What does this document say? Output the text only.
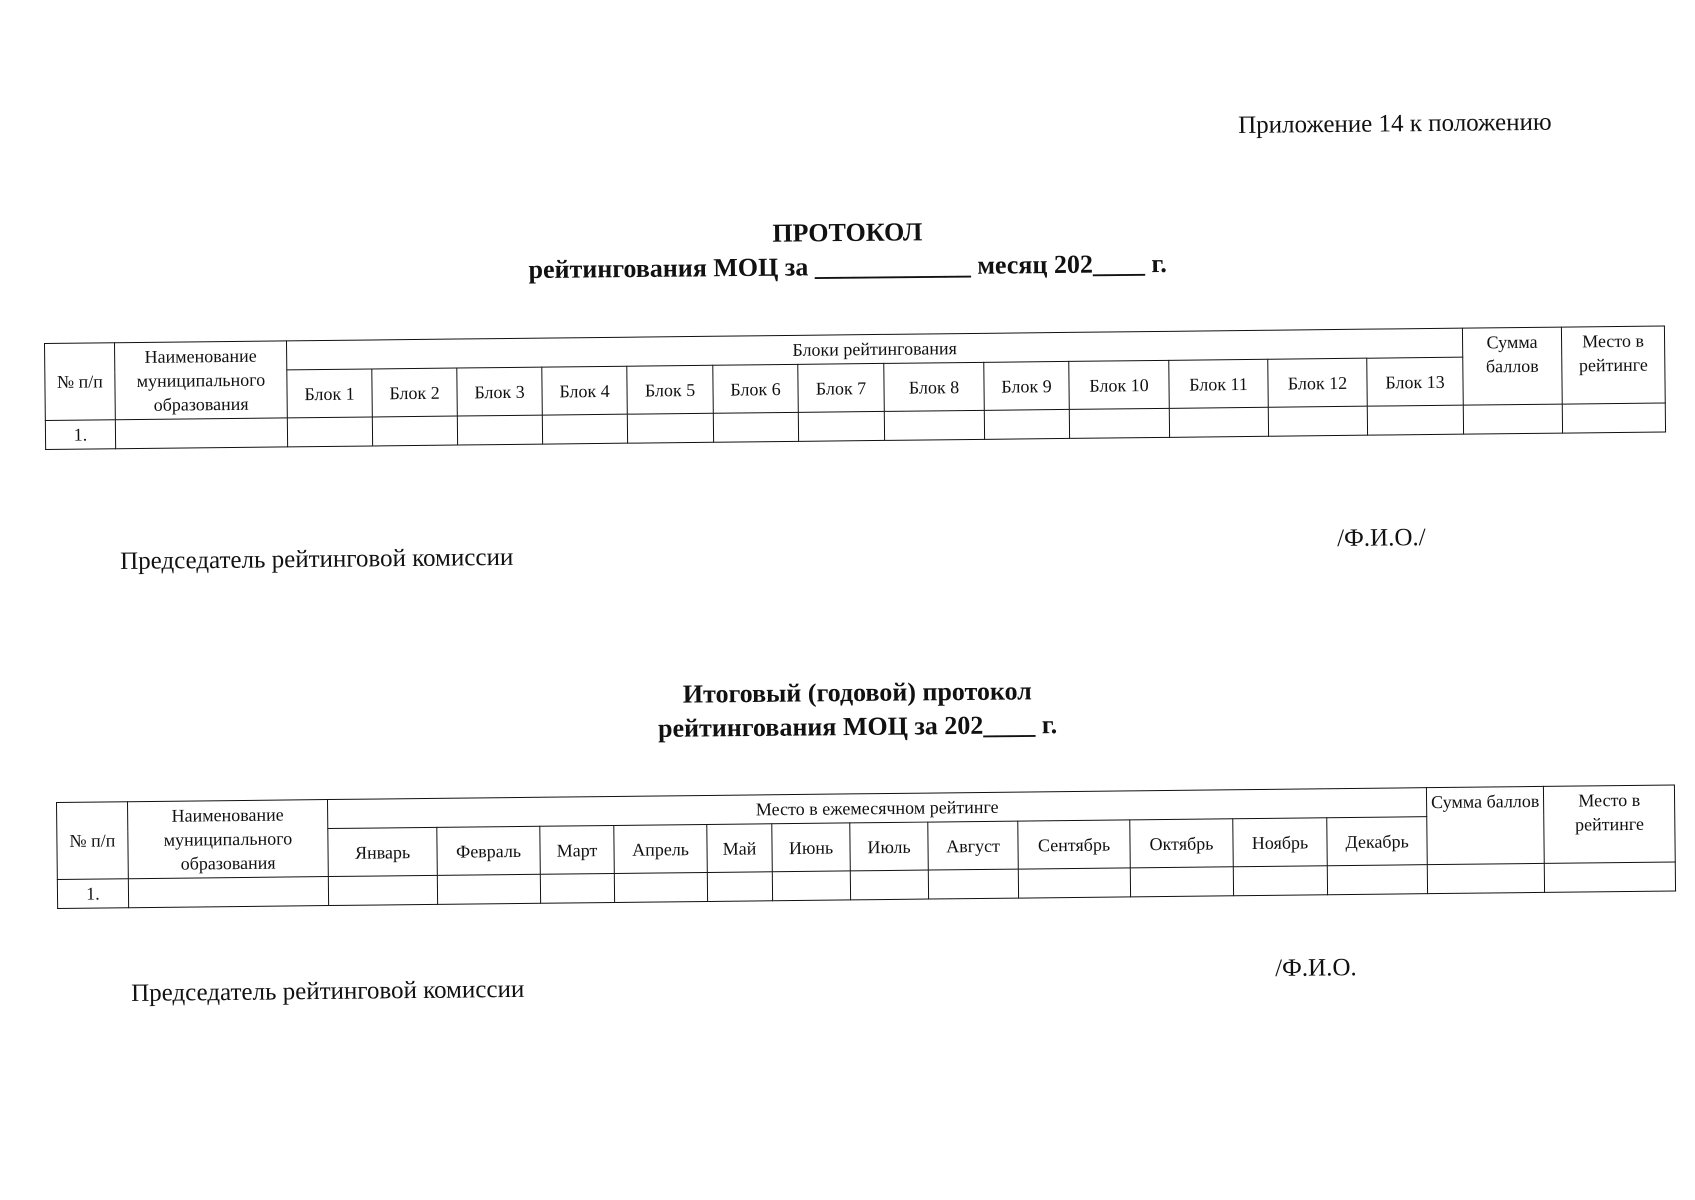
Приложение 14 к положению
ПРОТОКОЛ
рейтингования МОЦ за ____________ месяц 202____ г.
№ п/п	Наименование муниципального образования	Блоки рейтингования													Сумма баллов	Место в рейтинге
		Блок 1	Блок 2	Блок 3	Блок 4	Блок 5	Блок 6	Блок 7	Блок 8	Блок 9	Блок 10	Блок 11	Блок 12	Блок 13		
1.																
/Ф.И.О./
Председатель рейтинговой комиссии
Итоговый (годовой) протокол
рейтингования МОЦ за 202____ г.
№ п/п	Наименование муниципального образования	Место в ежемесячном рейтинге												Сумма баллов	Место в рейтинге
		Январь	Февраль	Март	Апрель	Май	Июнь	Июль	Август	Сентябрь	Октябрь	Ноябрь	Декабрь		
1.															
/Ф.И.О.
Председатель рейтинговой комиссии
